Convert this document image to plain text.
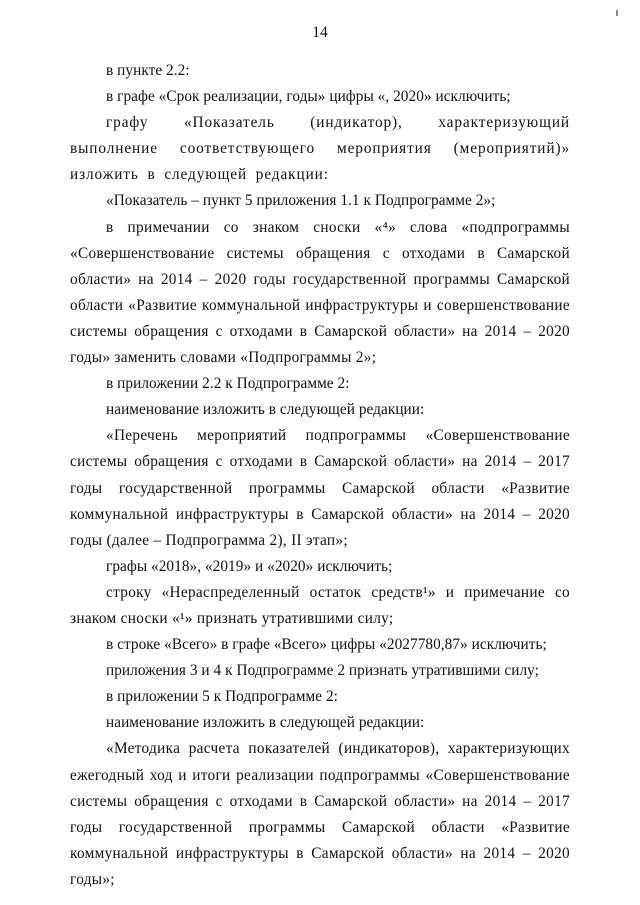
14

в пункте 2.2:

в графе «Срок реализации, годы» цифры «, 2020» исключить;

графу «Показатель (индикатор), характеризующий выполнение соответствующего мероприятия (мероприятий)» изложить в следующей редакции:

«Показатель – пункт 5 приложения 1.1 к Подпрограмме 2»;

в примечании со знаком сноски «⁴» слова «подпрограммы «Совершенствование системы обращения с отходами в Самарской области» на 2014 – 2020 годы государственной программы Самарской области «Развитие коммунальной инфраструктуры и совершенствование системы обращения с отходами в Самарской области» на 2014 – 2020 годы» заменить словами «Подпрограммы 2»;

в приложении 2.2 к Подпрограмме 2:

наименование изложить в следующей редакции:

«Перечень мероприятий подпрограммы «Совершенствование системы обращения с отходами в Самарской области» на 2014 – 2017 годы государственной программы Самарской области «Развитие коммунальной инфраструктуры в Самарской области» на 2014 – 2020 годы (далее – Подпрограмма 2), II этап»;

графы «2018», «2019» и «2020» исключить;

строку «Нераспределенный остаток средств¹» и примечание со знаком сноски «¹» признать утратившими силу;

в строке «Всего» в графе «Всего» цифры «2027780,87» исключить;

приложения 3 и 4 к Подпрограмме 2 признать утратившими силу;

в приложении 5 к Подпрограмме 2:

наименование изложить в следующей редакции:

«Методика расчета показателей (индикаторов), характеризующих ежегодный ход и итоги реализации подпрограммы «Совершенствование системы обращения с отходами в Самарской области» на 2014 – 2017 годы государственной программы Самарской области «Развитие коммунальной инфраструктуры в Самарской области» на 2014 – 2020 годы»;
